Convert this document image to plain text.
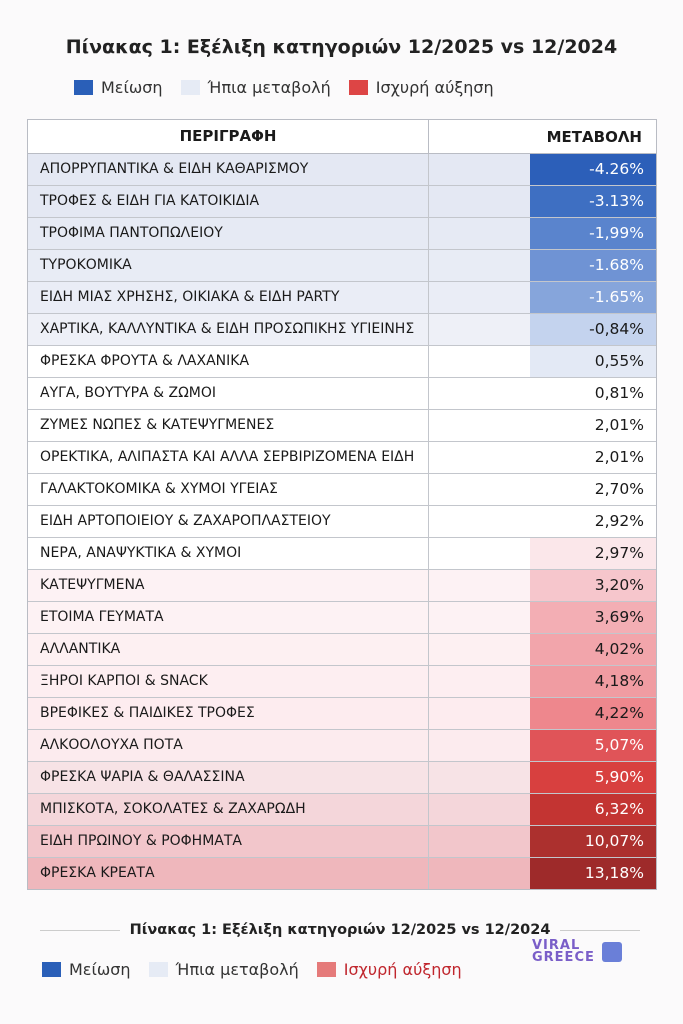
Πίνακας 1: Εξέλιξη κατηγοριών 12/2025 vs 12/2024
Μείωση	Ήπια μεταβολή	Ισχυρή αύξηση
ΠΕΡΙΓΡΑΦΗ	ΜΕΤΑΒΟΛΗ
ΑΠΟΡΡΥΠΑΝΤΙΚΑ & ΕΙΔΗ ΚΑΘΑΡΙΣΜΟΥ	-4.26%
ΤΡΟΦΕΣ & ΕΙΔΗ ΓΙΑ ΚΑΤΟΙΚΙΔΙΑ	-3.13%
ΤΡΟΦΙΜΑ ΠΑΝΤΟΠΩΛΕΙΟΥ	-1,99%
ΤΥΡΟΚΟΜΙΚΑ	-1.68%
ΕΙΔΗ ΜΙΑΣ ΧΡΗΣΗΣ, ΟΙΚΙΑΚΑ & ΕΙΔΗ PARTY	-1.65%
ΧΑΡΤΙΚΑ, ΚΑΛΛΥΝΤΙΚΑ & ΕΙΔΗ ΠΡΟΣΩΠΙΚΗΣ ΥΓΙΕΙΝΗΣ	-0,84%
ΦΡΕΣΚΑ ΦΡΟΥΤΑ & ΛΑΧΑΝΙΚΑ	0,55%
ΑΥΓΑ, ΒΟΥΤΥΡΑ & ΖΩΜΟΙ	0,81%
ΖΥΜΕΣ ΝΩΠΕΣ & ΚΑΤΕΨΥΓΜΕΝΕΣ	2,01%
ΟΡΕΚΤΙΚΑ, ΑΛΙΠΑΣΤΑ ΚΑΙ ΑΛΛΑ ΣΕΡΒΙΡΙΖΟΜΕΝΑ ΕΙΔΗ	2,01%
ΓΑΛΑΚΤΟΚΟΜΙΚΑ & ΧΥΜΟΙ ΥΓΕΙΑΣ	2,70%
ΕΙΔΗ ΑΡΤΟΠΟΙΕΙΟΥ & ΖΑΧΑΡΟΠΛΑΣΤΕΙΟΥ	2,92%
ΝΕΡΑ, ΑΝΑΨΥΚΤΙΚΑ & ΧΥΜΟΙ	2,97%
ΚΑΤΕΨΥΓΜΕΝΑ	3,20%
ΕΤΟΙΜΑ ΓΕΥΜΑΤΑ	3,69%
ΑΛΛΑΝΤΙΚΑ	4,02%
ΞΗΡΟΙ ΚΑΡΠΟΙ & SNACK	4,18%
ΒΡΕΦΙΚΕΣ & ΠΑΙΔΙΚΕΣ ΤΡΟΦΕΣ	4,22%
ΑΛΚΟΟΛΟΥΧΑ ΠΟΤΑ	5,07%
ΦΡΕΣΚΑ ΨΑΡΙΑ & ΘΑΛΑΣΣΙΝΑ	5,90%
ΜΠΙΣΚΟΤΑ, ΣΟΚΟΛΑΤΕΣ & ΖΑΧΑΡΩΔΗ	6,32%
ΕΙΔΗ ΠΡΩΙΝΟΥ & ΡΟΦΗΜΑΤΑ	10,07%
ΦΡΕΣΚΑ ΚΡΕΑΤΑ	13,18%
Πίνακας 1: Εξέλιξη κατηγοριών 12/2025 vs 12/2024
Μείωση	Ήπια μεταβολή	Ισχυρή αύξηση
VIRAL GREECE
